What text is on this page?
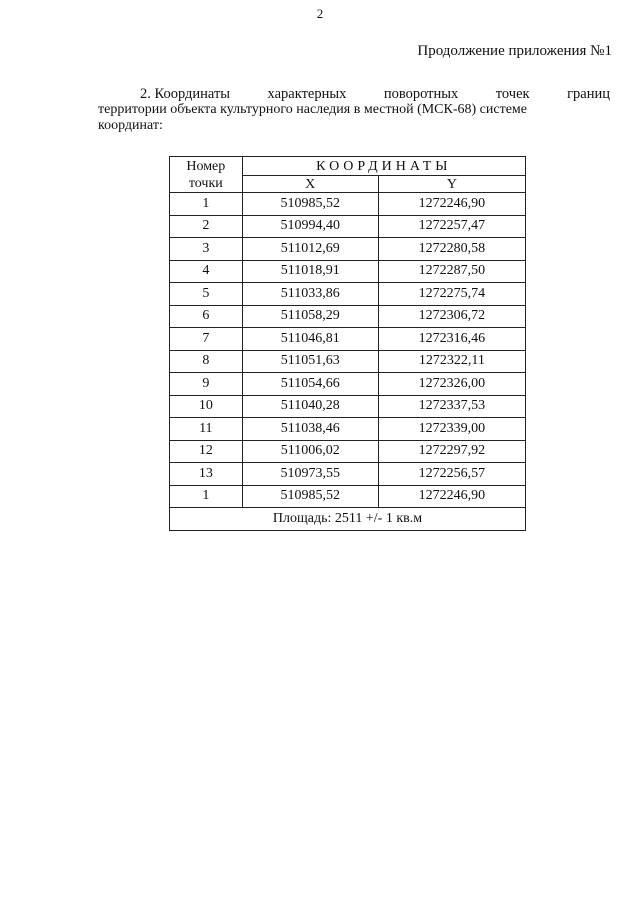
2
Продолжение приложения №1
2. Координаты	характерных	поворотных	точек	границ
территории объекта культурного наследия в местной (МСК-68) системе
координат:
Номер точки	КООРДИНАТЫ	
	X	Y
1	510985,52	1272246,90
2	510994,40	1272257,47
3	511012,69	1272280,58
4	511018,91	1272287,50
5	511033,86	1272275,74
6	511058,29	1272306,72
7	511046,81	1272316,46
8	511051,63	1272322,11
9	511054,66	1272326,00
10	511040,28	1272337,53
11	511038,46	1272339,00
12	511006,02	1272297,92
13	510973,55	1272256,57
1	510985,52	1272246,90
Площадь: 2511 +/- 1 кв.м		
